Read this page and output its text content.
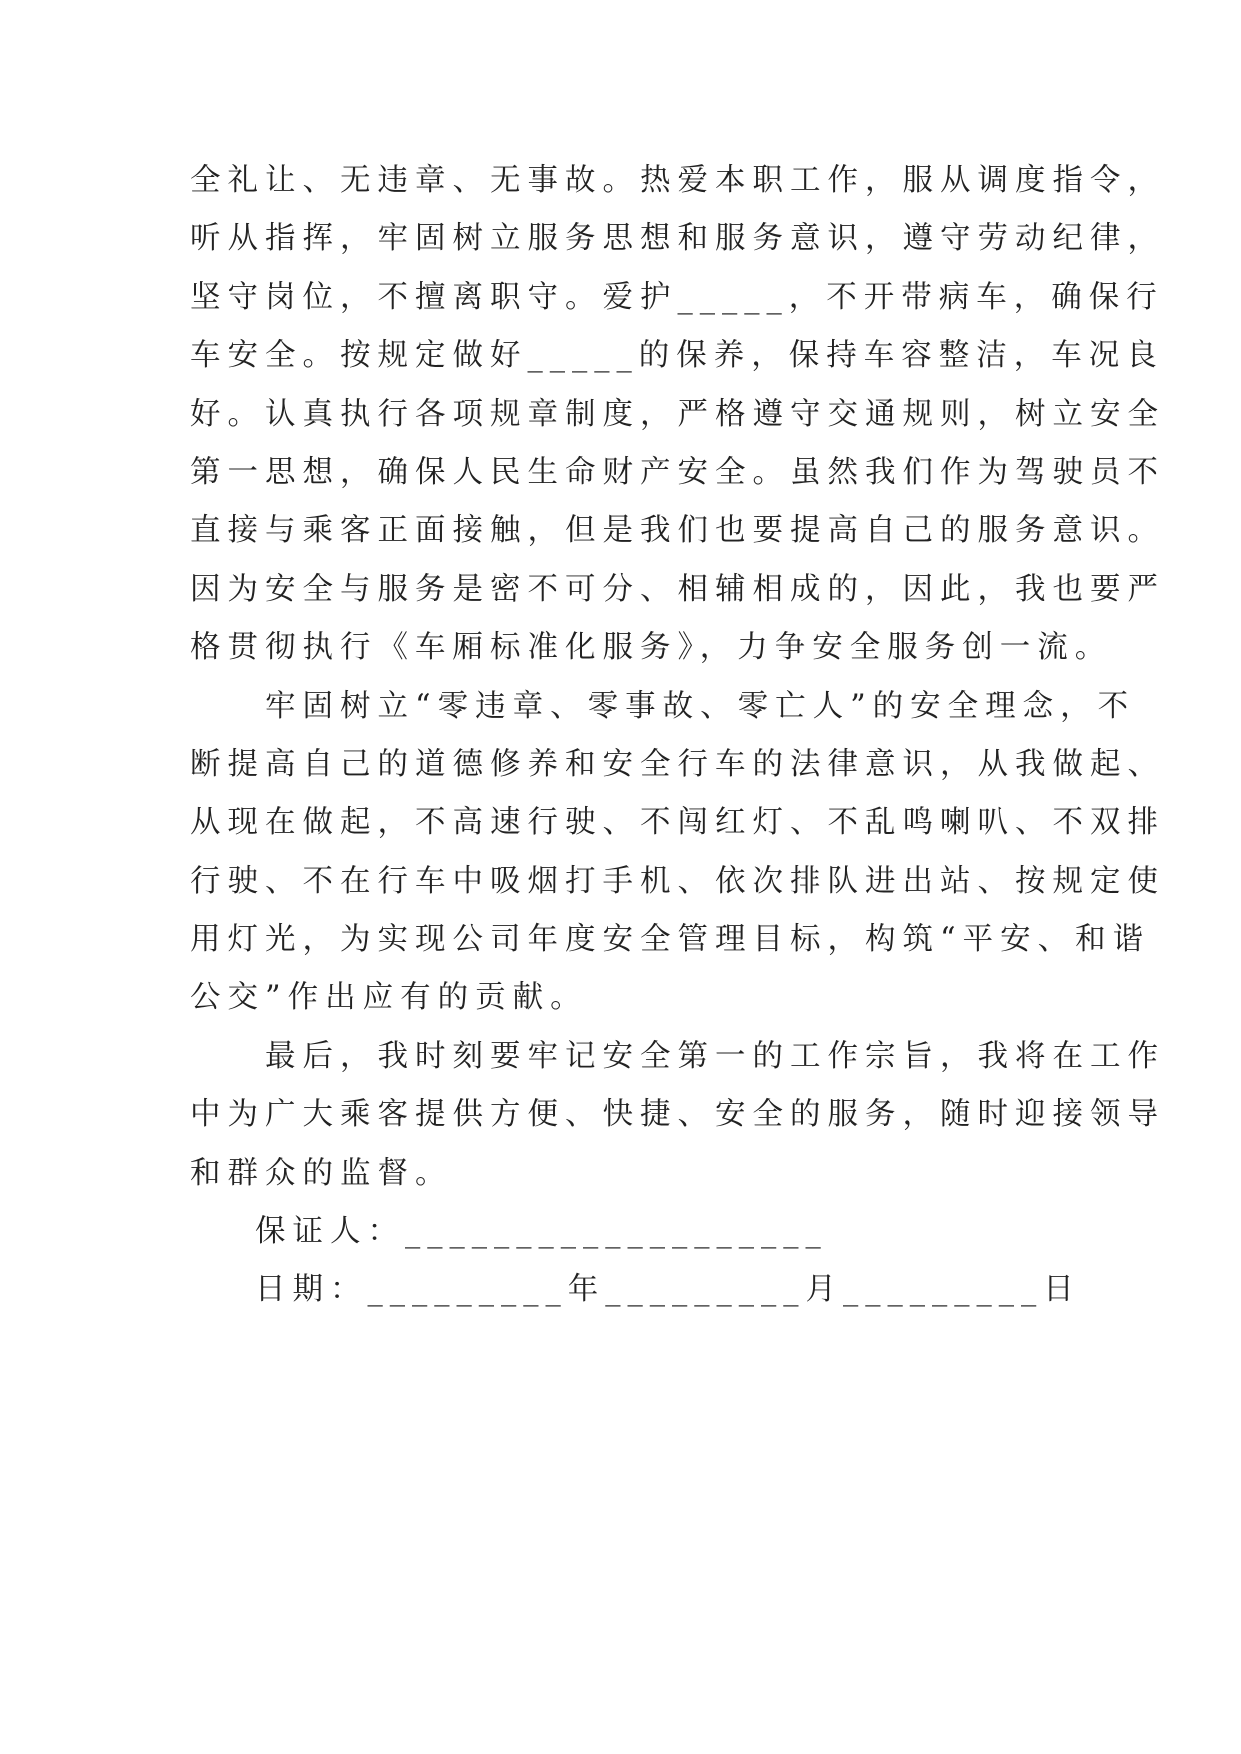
全礼让、无违章、无事故。热爱本职工作，服从调度指令，
听从指挥，牢固树立服务思想和服务意识，遵守劳动纪律，
坚守岗位，不擅离职守。爱护_____，不开带病车，确保行
车安全。按规定做好_____的保养，保持车容整洁，车况良
好。认真执行各项规章制度，严格遵守交通规则，树立安全
第一思想，确保人民生命财产安全。虽然我们作为驾驶员不
直接与乘客正面接触，但是我们也要提高自己的服务意识。
因为安全与服务是密不可分、相辅相成的，因此，我也要严
格贯彻执行《车厢标准化服务》，力争安全服务创一流。
　　牢固树立“零违章、零事故、零亡人”的安全理念，不
断提高自己的道德修养和安全行车的法律意识，从我做起、
从现在做起，不高速行驶、不闯红灯、不乱鸣喇叭、不双排
行驶、不在行车中吸烟打手机、依次排队进出站、按规定使
用灯光，为实现公司年度安全管理目标，构筑“平安、和谐
公交”作出应有的贡献。
　　最后，我时刻要牢记安全第一的工作宗旨，我将在工作
中为广大乘客提供方便、快捷、安全的服务，随时迎接领导
和群众的监督。
保证人：___________________
日期：_________年_________月_________日
